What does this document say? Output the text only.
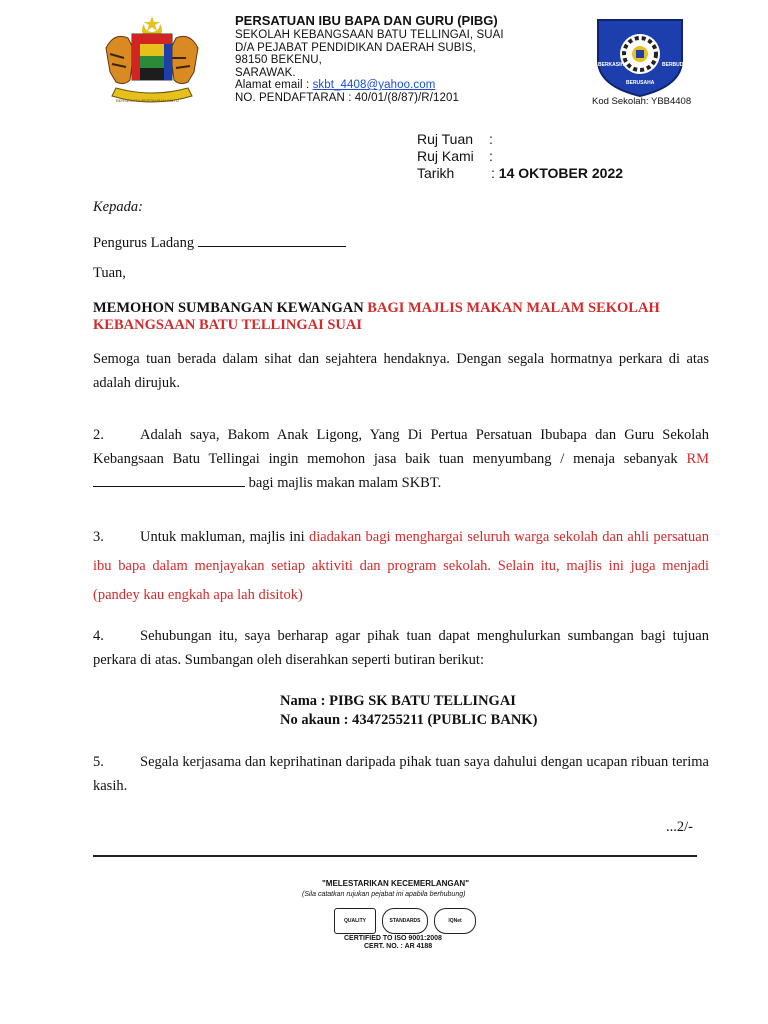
PERSATUAN IBU BAPA DAN GURU (PIBG)
SEKOLAH KEBANGSAAN BATU TELLINGAI, SUAI
D/A PEJABAT PENDIDIKAN DAERAH SUBIS,
98150 BEKENU,
SARAWAK.
Alamat email : skbt_4408@yahoo.com
NO. PENDAFTARAN : 40/01/(8/87)/R/1201
SK BATU TELLINGAI
BERKASIH	BERBUDI
BERUSAHA
Kod Sekolah: YBB4408
BERSEKUTU BERTAMBAH MUTU
Ruj Tuan :
Ruj Kami :
Tarikh	: 14 OKTOBER 2022
Kepada:
Pengurus Ladang
Tuan,
MEMOHON SUMBANGAN KEWANGAN BAGI MAJLIS MAKAN MALAM SEKOLAH KEBANGSAAN BATU TELLINGAI SUAI

Semoga tuan berada dalam sihat dan sejahtera hendaknya. Dengan segala hormatnya perkara di atas adalah dirujuk.

2. Adalah saya, Bakom Anak Ligong, Yang Di Pertua Persatuan Ibubapa dan Guru Sekolah Kebangsaan Batu Tellingai ingin memohon jasa baik tuan menyumbang / menaja sebanyak RM bagi majlis makan malam SKBT.

3. Untuk makluman, majlis ini diadakan bagi menghargai seluruh warga sekolah dan ahli persatuan ibu bapa dalam menjayakan setiap aktiviti dan program sekolah. Selain itu, majlis ini juga menjadi (pandey kau engkah apa lah disitok)

4. Sehubungan itu, saya berharap agar pihak tuan dapat menghulurkan sumbangan bagi tujuan perkara di atas. Sumbangan oleh diserahkan seperti butiran berikut:

Nama : PIBG SK BATU TELLINGAI
No akaun : 4347255211 (PUBLIC BANK)

5. Segala kerjasama dan keprihatinan daripada pihak tuan saya dahului dengan ucapan ribuan terima kasih.

...2/-
"MELESTARIKAN KECEMERLANGAN"
(Sila catatkan rujukan pejabat ini apabila berhubung)
QUALITY	STANDARDS	IQNet
CERTIFIED TO ISO 9001:2008
CERT. NO. : AR 4188
